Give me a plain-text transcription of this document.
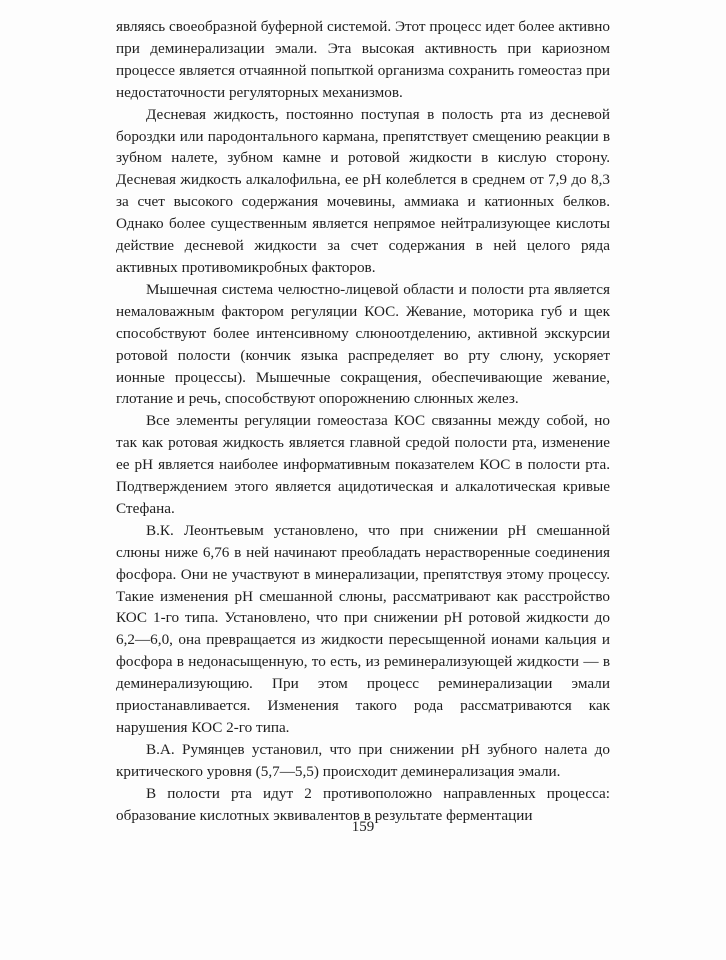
являясь своеобразной буферной системой. Этот процесс идет более активно при деминерализации эмали. Эта высокая активность при кариозном процессе является отчаянной попыткой организма сохранить гомеостаз при недостаточности регуляторных механизмов.

Десневая жидкость, постоянно поступая в полость рта из десневой бороздки или пародонтального кармана, препятствует смещению реакции в зубном налете, зубном камне и ротовой жидкости в кислую сторону. Десневая жидкость алкалофильна, ее pH колеблется в среднем от 7,9 до 8,3 за счет высокого содержания мочевины, аммиака и катионных белков. Однако более существенным является непрямое нейтрализующее кислоты действие десневой жидкости за счет содержания в ней целого ряда активных противомикробных факторов.

Мышечная система челюстно-лицевой области и полости рта является немаловажным фактором регуляции КОС. Жевание, моторика губ и щек способствуют более интенсивному слюноотделению, активной экскурсии ротовой полости (кончик языка распределяет во рту слюну, ускоряет ионные процессы). Мышечные сокращения, обеспечивающие жевание, глотание и речь, способствуют опорожнению слюнных желез.

Все элементы регуляции гомеостаза КОС связанны между собой, но так как ротовая жидкость является главной средой полости рта, изменение ее pH является наиболее информативным показателем КОС в полости рта. Подтверждением этого является ацидотическая и алкалотическая кривые Стефана.

В.К. Леонтьевым установлено, что при снижении pH смешанной слюны ниже 6,76 в ней начинают преобладать нерастворенные соединения фосфора. Они не участвуют в минерализации, препятствуя этому процессу. Такие изменения pH смешанной слюны, рассматривают как расстройство КОС 1-го типа. Установлено, что при снижении pH ротовой жидкости до 6,2—6,0, она превращается из жидкости пересыщенной ионами кальция и фосфора в недонасыщенную, то есть, из реминерализующей жидкости — в деминерализующию. При этом процесс реминерализации эмали приостанавливается. Изменения такого рода рассматриваются как нарушения КОС 2-го типа.

В.А. Румянцев установил, что при снижении pH зубного налета до критического уровня (5,7—5,5) происходит деминерализация эмали.

В полости рта идут 2 противоположно направленных процесса: образование кислотных эквивалентов в результате ферментации

159
